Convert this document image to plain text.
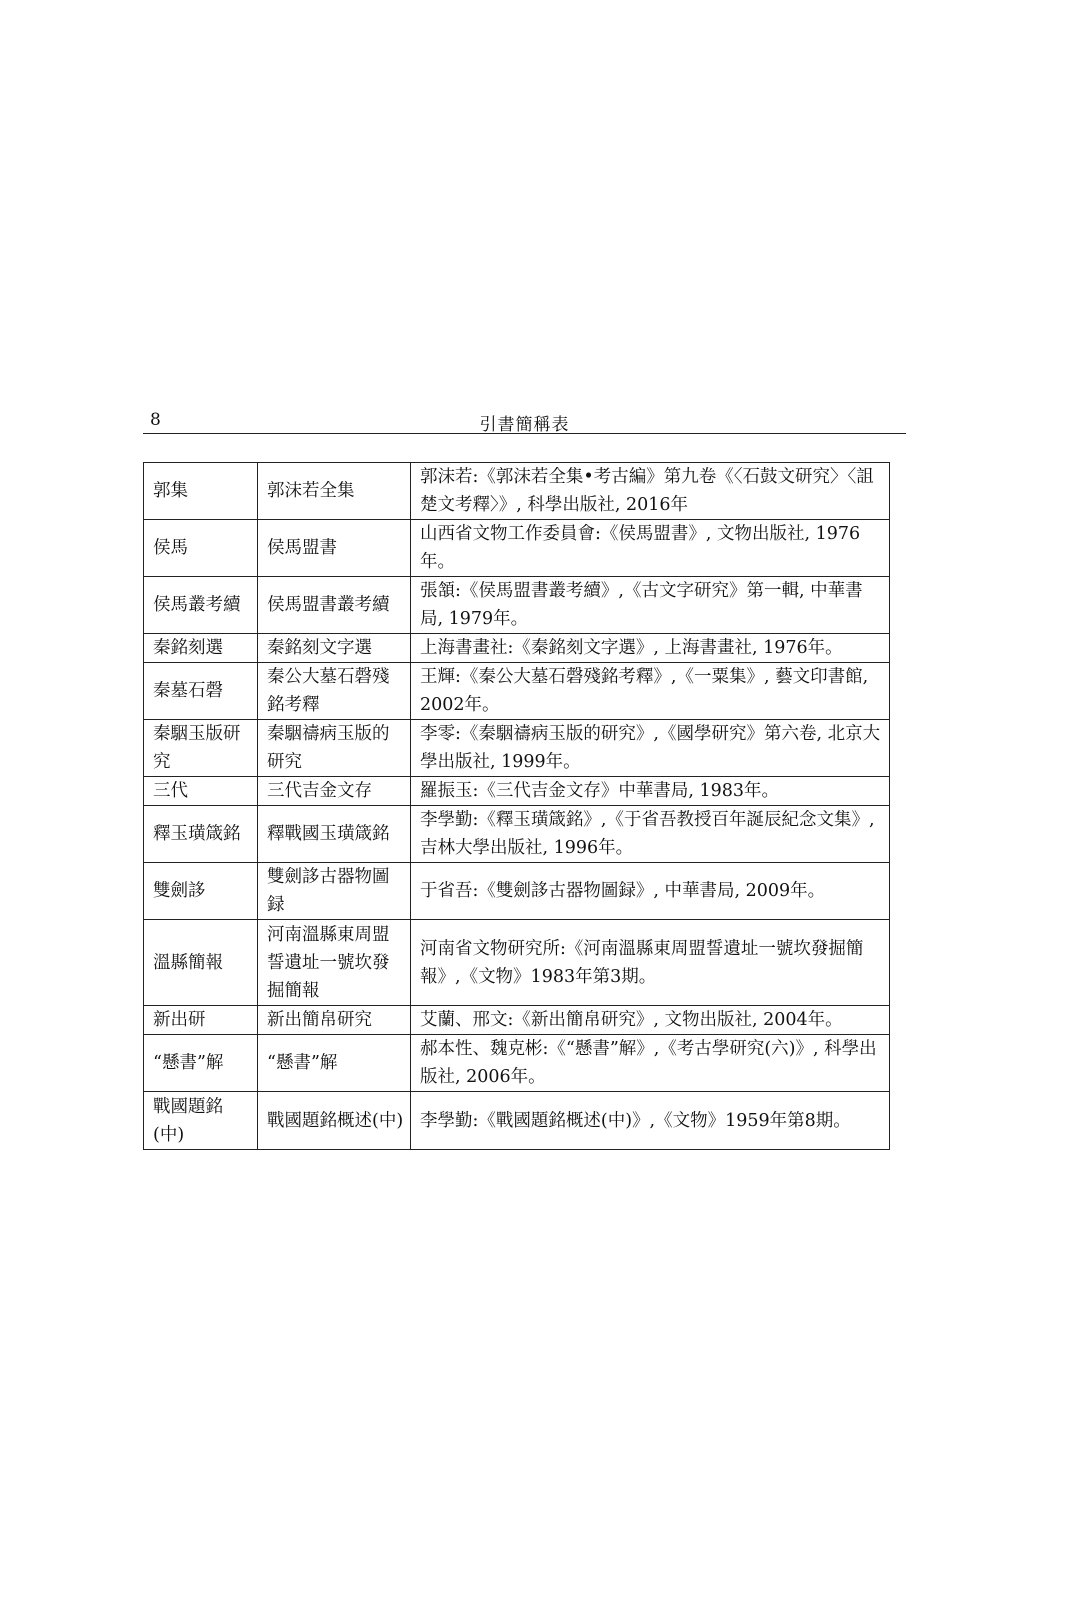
8	引書簡稱表
郭集	郭沫若全集	郭沫若:《郭沫若全集•考古編》第九卷《〈石鼓文研究〉〈詛楚文考釋〉》, 科學出版社, 2016年
侯馬	侯馬盟書	山西省文物工作委員會:《侯馬盟書》, 文物出版社, 1976年。
侯馬叢考續	侯馬盟書叢考續	張頷:《侯馬盟書叢考續》,《古文字研究》第一輯, 中華書局, 1979年。
秦銘刻選	秦銘刻文字選	上海書畫社:《秦銘刻文字選》, 上海書畫社, 1976年。
秦墓石磬	秦公大墓石磬殘銘考釋	王輝:《秦公大墓石磬殘銘考釋》,《一粟集》, 藝文印書館, 2002年。
秦駰玉版研究	秦駰禱病玉版的研究	李零:《秦駰禱病玉版的研究》,《國學研究》第六卷, 北京大學出版社, 1999年。
三代	三代吉金文存	羅振玉:《三代吉金文存》中華書局, 1983年。
釋玉璜箴銘	釋戰國玉璜箴銘	李學勤:《釋玉璜箴銘》,《于省吾教授百年誕辰紀念文集》, 吉林大學出版社, 1996年。
雙劍誃	雙劍誃古器物圖録	于省吾:《雙劍誃古器物圖録》, 中華書局, 2009年。
溫縣簡報	河南溫縣東周盟誓遺址一號坎發掘簡報	河南省文物研究所:《河南溫縣東周盟誓遺址一號坎發掘簡報》,《文物》1983年第3期。
新出研	新出簡帛研究	艾蘭、邢文:《新出簡帛研究》, 文物出版社, 2004年。
“懸書”解	“懸書”解	郝本性、魏克彬:《“懸書”解》,《考古學研究(六)》, 科學出版社, 2006年。
戰國題銘(中)	戰國題銘概述(中)	李學勤:《戰國題銘概述(中)》,《文物》1959年第8期。
